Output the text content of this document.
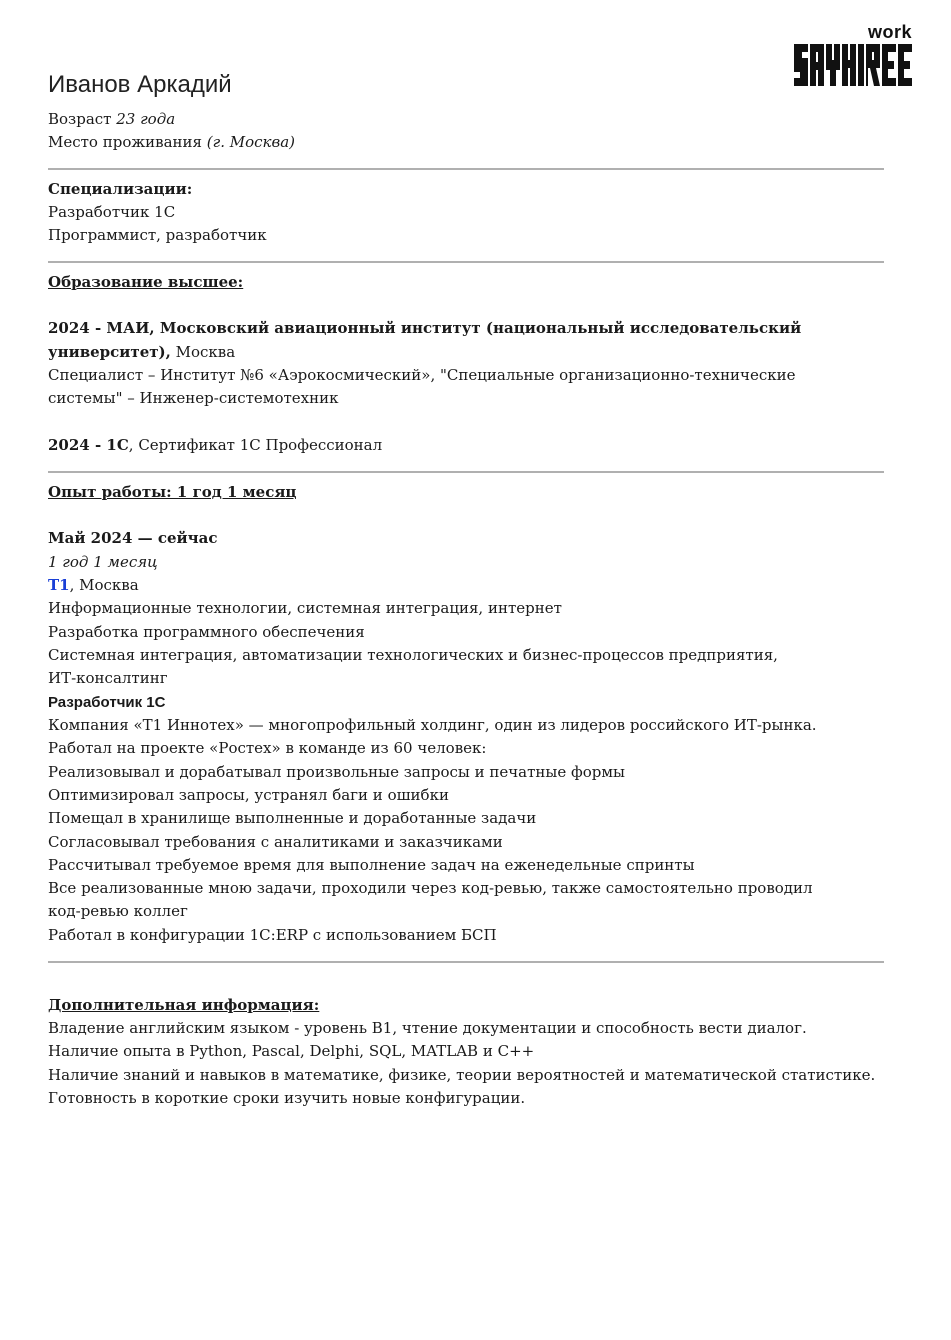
work
Иванов Аркадий
Возраст 23 года
Место проживания (г. Москва)
Специализации:
Разработчик 1С
Программист, разработчик
Образование высшее:
2024 - МАИ, Московский авиационный институт (национальный исследовательский
университет), Москва
Специалист – Институт №6 «Аэрокосмический», "Специальные организационно-технические
системы" – Инженер-системотехник
2024 - 1С, Сертификат 1С Профессионал
Опыт работы: 1 год 1 месяц
Май 2024 — сейчас
1 год 1 месяц
Т1, Москва
Информационные технологии, системная интеграция, интернет
Разработка программного обеспечения
Системная интеграция, автоматизации технологических и бизнес-процессов предприятия,
ИТ-консалтинг
Разработчик 1С
Компания «Т1 Иннотех» — многопрофильный холдинг, один из лидеров российского ИТ-рынка.
Работал на проекте «Ростех» в команде из 60 человек:
Реализовывал и дорабатывал произвольные запросы и печатные формы
Оптимизировал запросы, устранял баги и ошибки
Помещал в хранилище выполненные и доработанные задачи
Согласовывал требования с аналитиками и заказчиками
Рассчитывал требуемое время для выполнение задач на еженедельные спринты
Все реализованные мною задачи, проходили через код-ревью, также самостоятельно проводил
код-ревью коллег
Работал в конфигурации 1С:ERP с использованием БСП
Дополнительная информация:
Владение английским языком - уровень B1, чтение документации и способность вести диалог.
Наличие опыта в Python, Pascal, Delphi, SQL, MATLAB и C++
Наличие знаний и навыков в математике, физике, теории вероятностей и математической статистике.
Готовность в короткие сроки изучить новые конфигурации.
